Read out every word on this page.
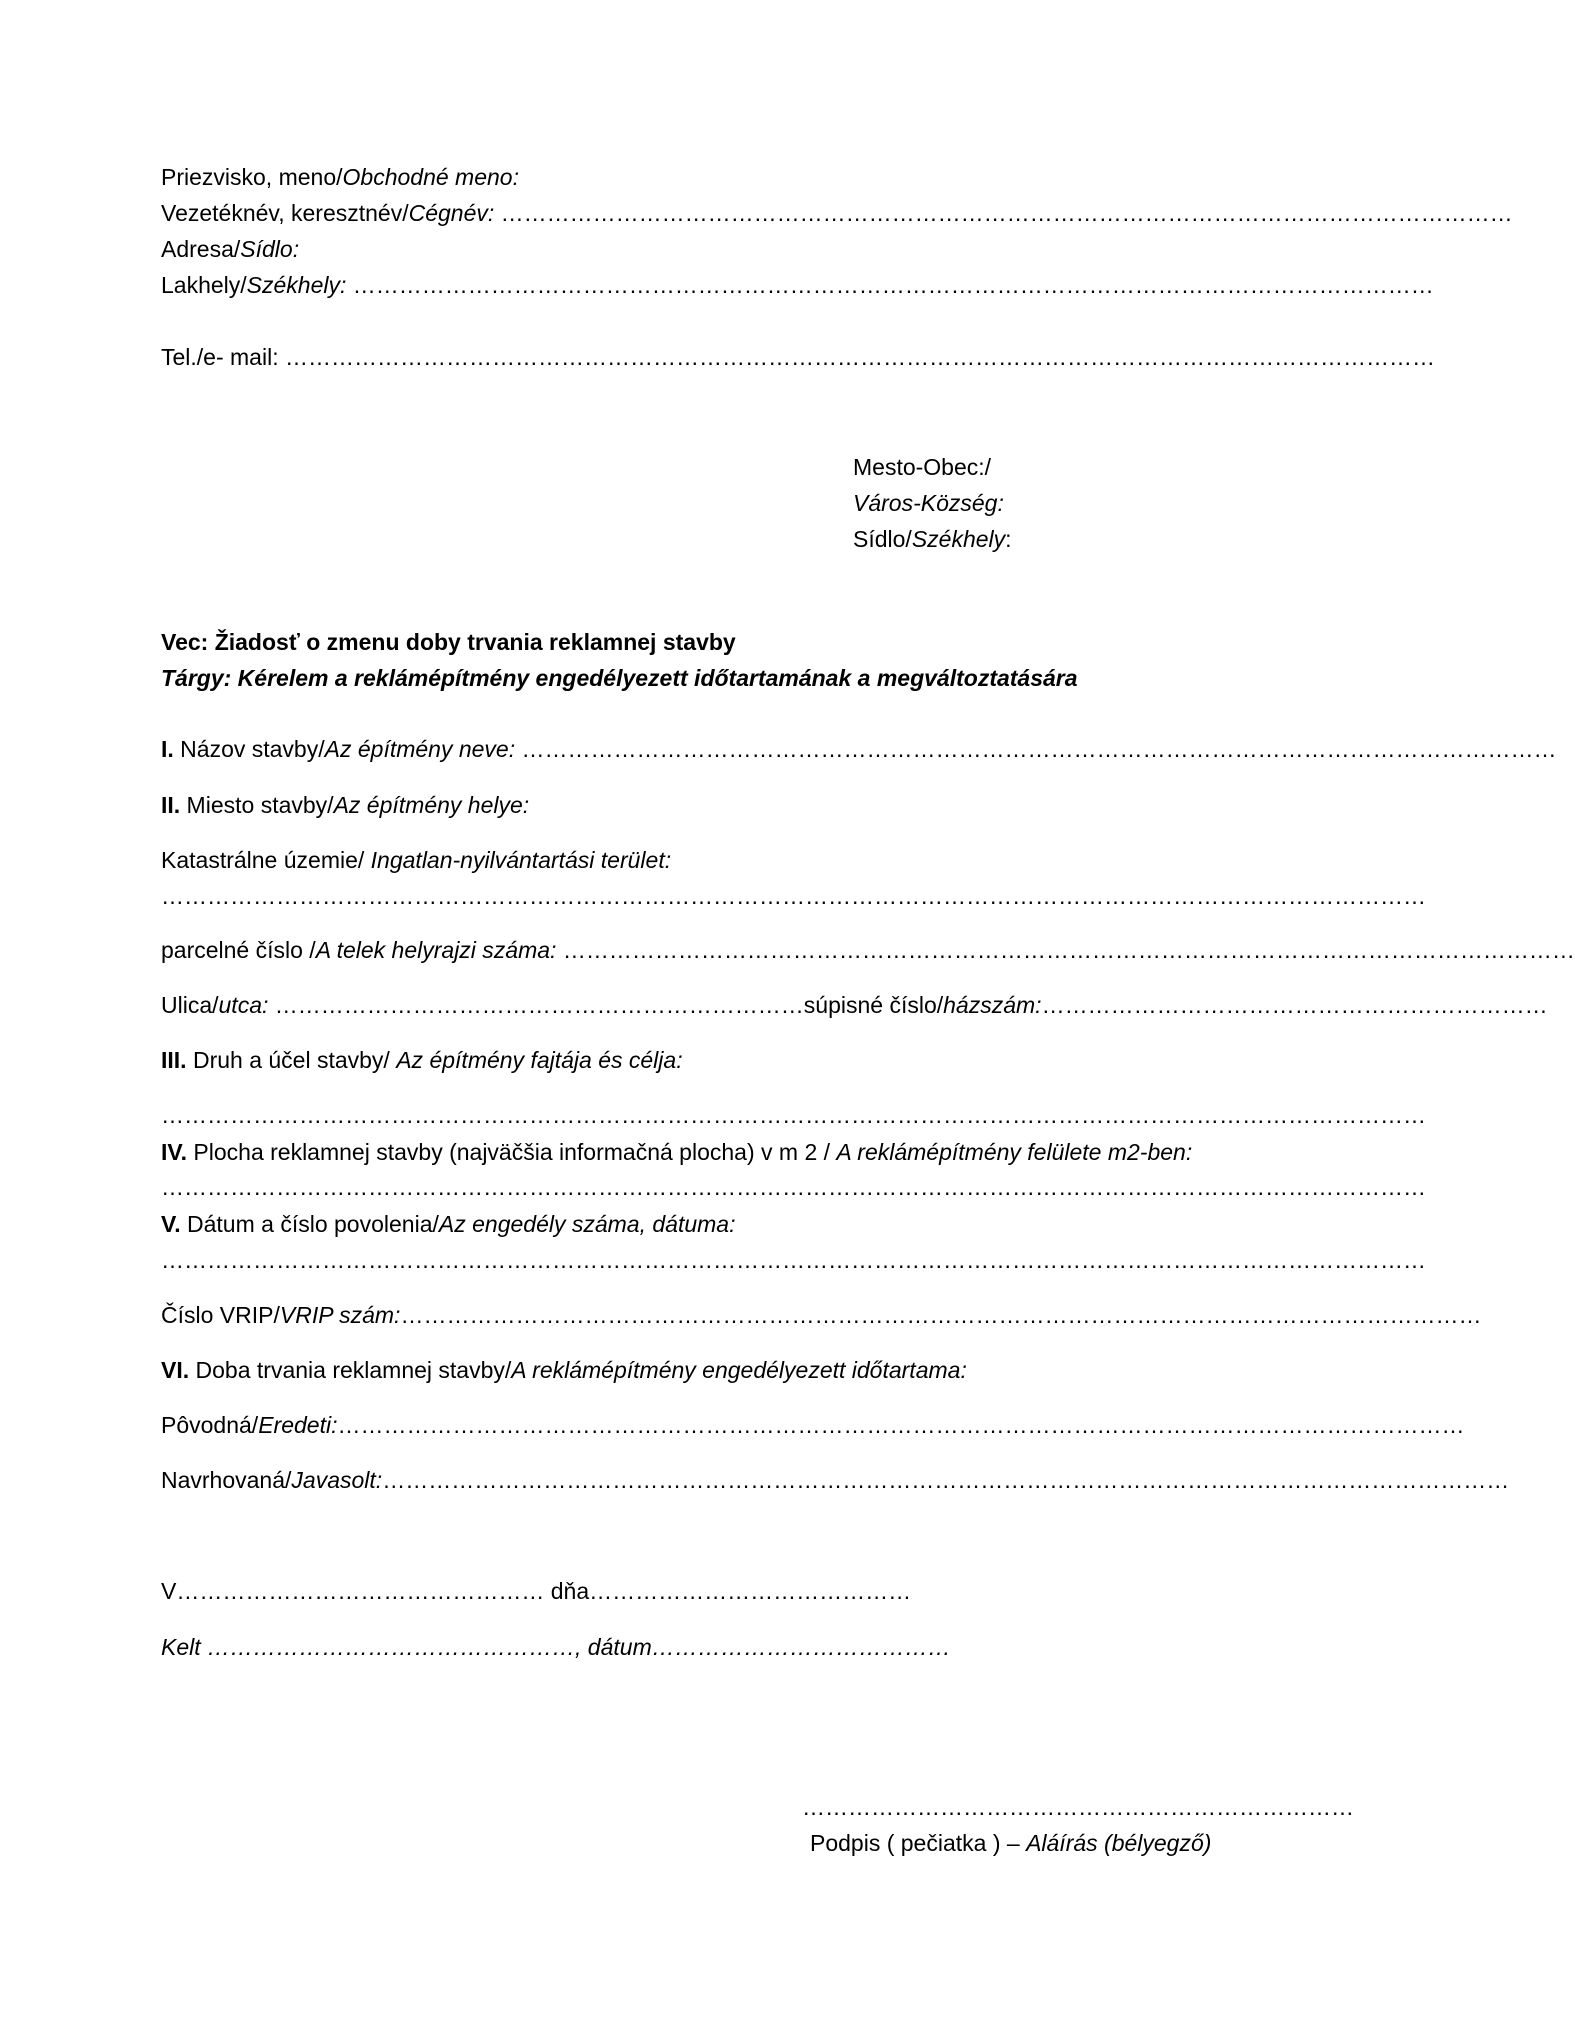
Priezvisko, meno/Obchodné meno:
Vezetéknév, keresztnév/Cégnév: ……………………………………………………………………………………………………………………
Adresa/Sídlo:
Lakhely/Székhely: ……………………………………………………………………………………………………………………………
Tel./e- mail: ……………………………………………………………………………………………………………………………………
Mesto-Obec:/
Város-Község:
Sídlo/Székhely:
Vec: Žiadosť o zmenu doby trvania reklamnej stavby
Tárgy: Kérelem a reklámépítmény engedélyezett időtartamának a megváltoztatására
I. Názov stavby/Az építmény neve: ………………………………………………………………………………………………………………………
II. Miesto stavby/Az építmény helye:
Katastrálne územie/ Ingatlan-nyilvántartási terület:
…………………………………………………………………………………………………………………………………………………
parcelné číslo /A telek helyrajzi száma: ……………………………………………………………………………………………………………………
Ulica/utca: ……………………………………………………………súpisné číslo/házszám:…………………………………………………………
III. Druh a účel stavby/ Az építmény fajtája és célja:
…………………………………………………………………………………………………………………………………………………
IV. Plocha reklamnej stavby (najväčšia informačná plocha) v m 2 / A reklámépítmény felülete m2-ben:
…………………………………………………………………………………………………………………………………………………
V. Dátum a číslo povolenia/Az engedély száma, dátuma:
…………………………………………………………………………………………………………………………………………………
Číslo VRIP/VRIP szám:……………………………………………………………………………………………………………………………
VI. Doba trvania reklamnej stavby/A reklámépítmény engedélyezett időtartama:
Pôvodná/Eredeti:…………………………………………………………………………………………………………………………………
Navrhovaná/Javasolt:…………………………………………………………………………………………………………………………………
V………………………………………… dňa……………………………………
Kelt …………………………………………, dátum…………………………………
………………………………………………………………
Podpis ( pečiatka ) – Aláírás (bélyegző)
